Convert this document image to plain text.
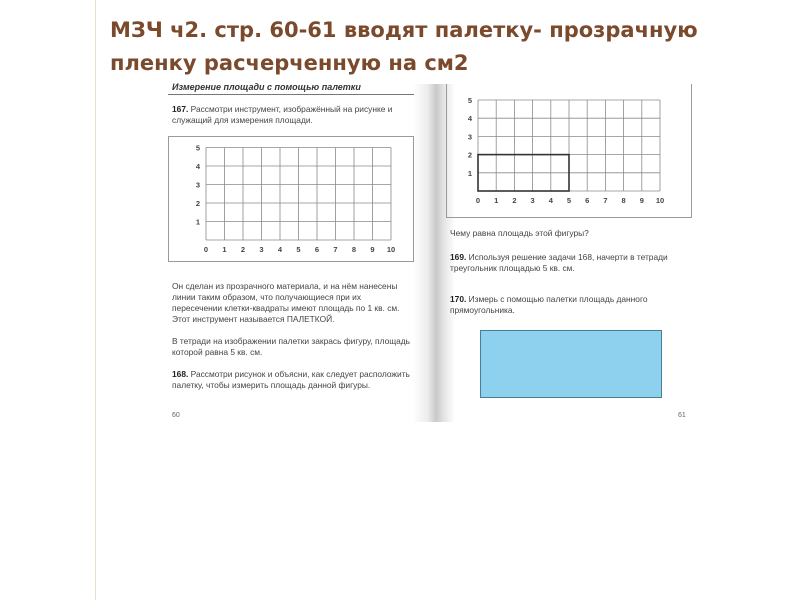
МЗЧ ч2. стр. 60-61 вводят палетку- прозрачную пленку расчерченную на см2
Измерение площади с помощью палетки

167. Рассмотри инструмент, изображённый на рисунке и служащий для измерения площади.

0 1 2 3 4 5 6 7 8 9 10
1
2
3
4
5

Он сделан из прозрачного материала, и на нём нанесены линии таким образом, что получающиеся при их пересечении клетки-квадраты имеют площадь по 1 кв. см. Этот инструмент называется ПАЛЕТКОЙ.

В тетради на изображении палетки закрась фигуру, площадь которой равна 5 кв. см.

168. Рассмотри рисунок и объясни, как следует расположить палетку, чтобы измерить площадь данной фигуры.

60
0 1 2 3 4 5 6 7 8 9 10
1
2
3
4
5

Чему равна площадь этой фигуры?

169. Используя решение задачи 168, начерти в тетради треугольник площадью 5 кв. см.

170. Измерь с помощью палетки площадь данного прямоугольника.

61
